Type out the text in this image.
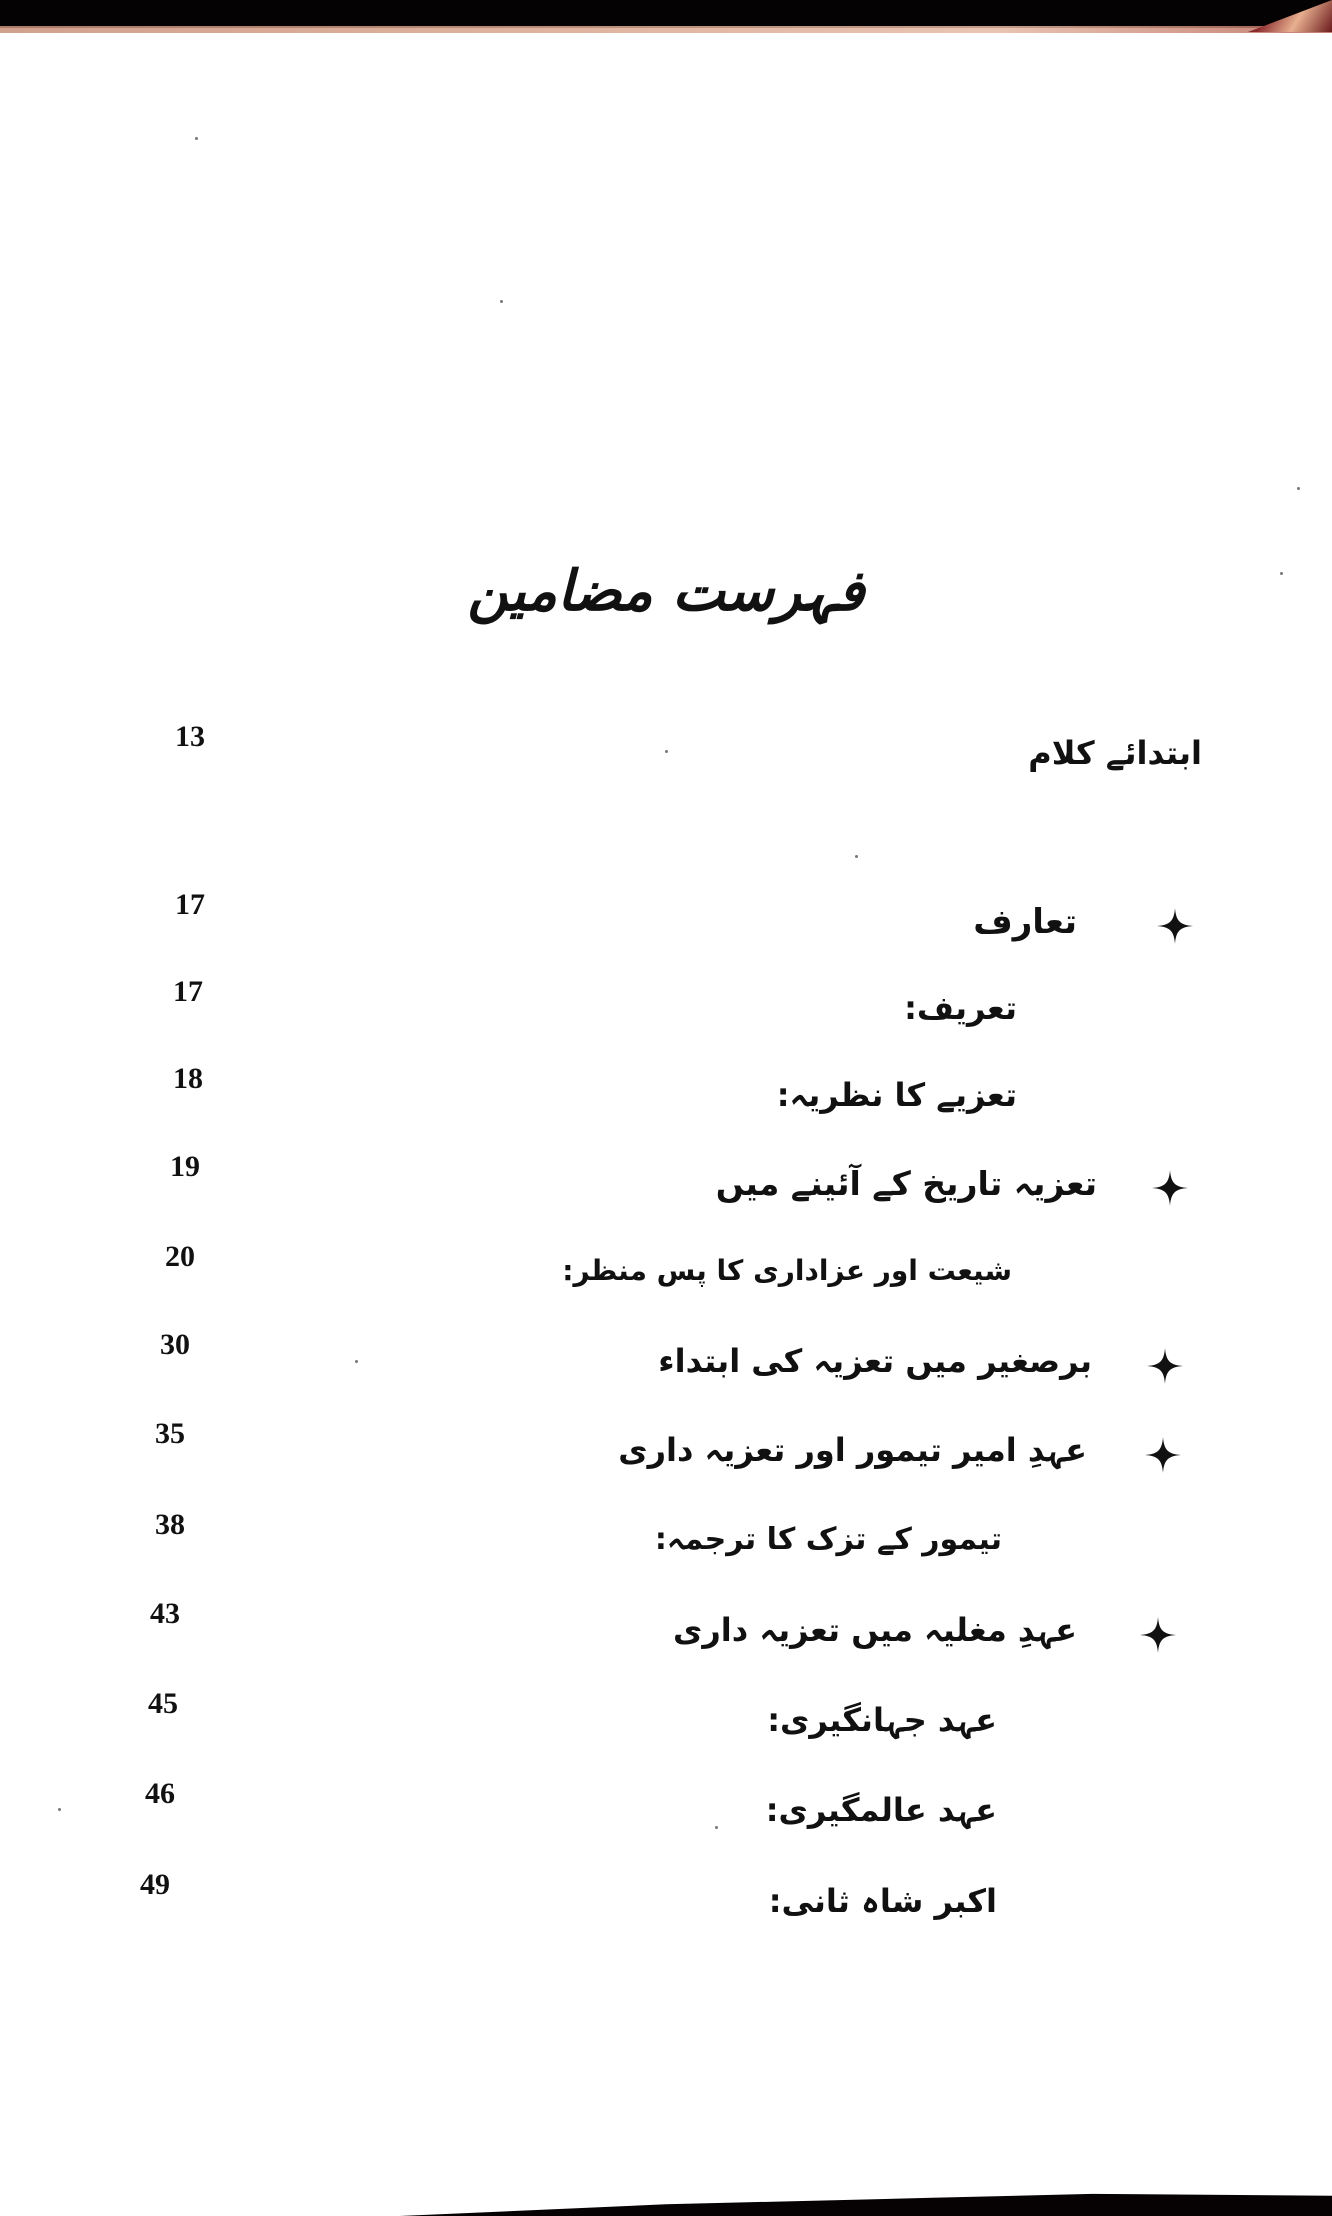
فہرست مضامین
13	ابتدائے کلام
17	تعارف
17	تعریف:
18	تعزیے کا نظریہ:
19	تعزیہ تاریخ کے آئینے میں
20	شیعت اور عزاداری کا پس منظر:
30	برصغیر میں تعزیہ کی ابتداء
35	عہدِ امیر تیمور اور تعزیہ داری
38	تیمور کے تزک کا ترجمہ:
43	عہدِ مغلیہ میں تعزیہ داری
45	عہد جہانگیری:
46	عہد عالمگیری:
49	اکبر شاہ ثانی:
